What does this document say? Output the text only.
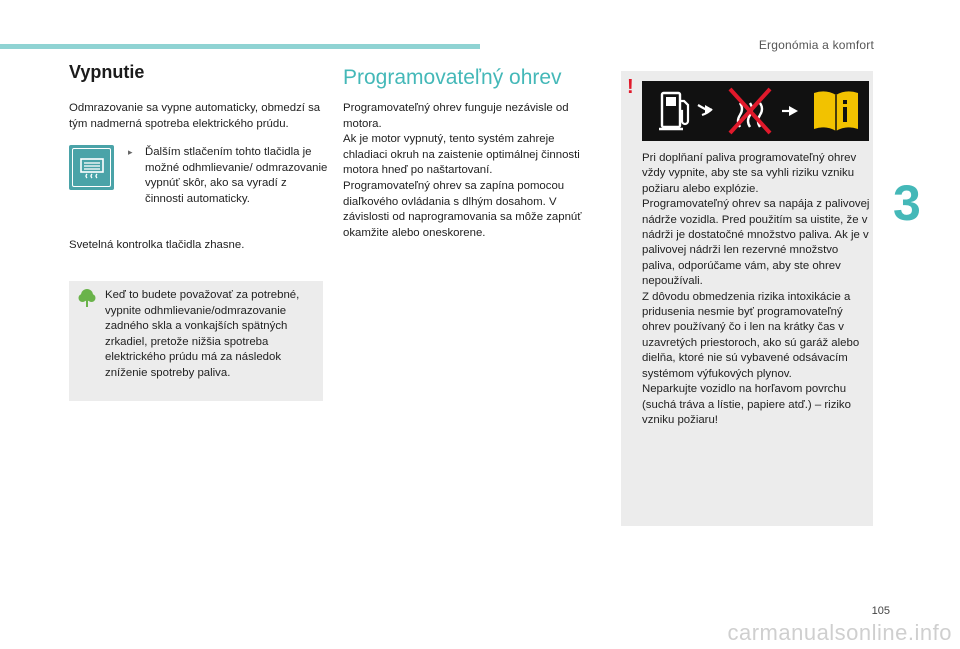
Ergonómia a komfort
3
Vypnutie

Odmrazovanie sa vypne automaticky, obmedzí sa tým nadmerná spotreba elektrického prúdu.

▸	Ďalším stlačením tohto tlačidla je možné odhmlievanie/ odmrazovanie vypnúť skôr, ako sa vyradí z činnosti automaticky.

Svetelná kontrolka tlačidla zhasne.

Keď to budete považovať za potrebné, vypnite odhmlievanie/odmrazovanie zadného skla a vonkajších spätných zrkadiel, pretože nižšia spotreba elektrického prúdu má za následok zníženie spotreby paliva.
Programovateľný ohrev

Programovateľný ohrev funguje nezávisle od motora.
Ak je motor vypnutý, tento systém zahreje chladiaci okruh na zaistenie optimálnej činnosti motora hneď po naštartovaní.
Programovateľný ohrev sa zapína pomocou diaľkového ovládania s dlhým dosahom. V závislosti od naprogramovania sa môže zapnúť okamžite alebo oneskorene.

!
Pri doplňaní paliva programovateľný ohrev vždy vypnite, aby ste sa vyhli riziku vzniku požiaru alebo explózie.
Programovateľný ohrev sa napája z palivovej nádrže vozidla. Pred použitím sa uistite, že v nádrži je dostatočné množstvo paliva. Ak je v palivovej nádrži len rezervné množstvo paliva, odporúčame vám, aby ste ohrev nepoužívali.
Z dôvodu obmedzenia rizika intoxikácie a pridusenia nesmie byť programovateľný ohrev používaný čo i len na krátky čas v uzavretých priestoroch, ako sú garáž alebo dielňa, ktoré nie sú vybavené odsávacím systémom výfukových plynov.
Neparkujte vozidlo na horľavom povrchu (suchá tráva a lístie, papiere atď.) – riziko vzniku požiaru!
105
carmanualsonline.info
